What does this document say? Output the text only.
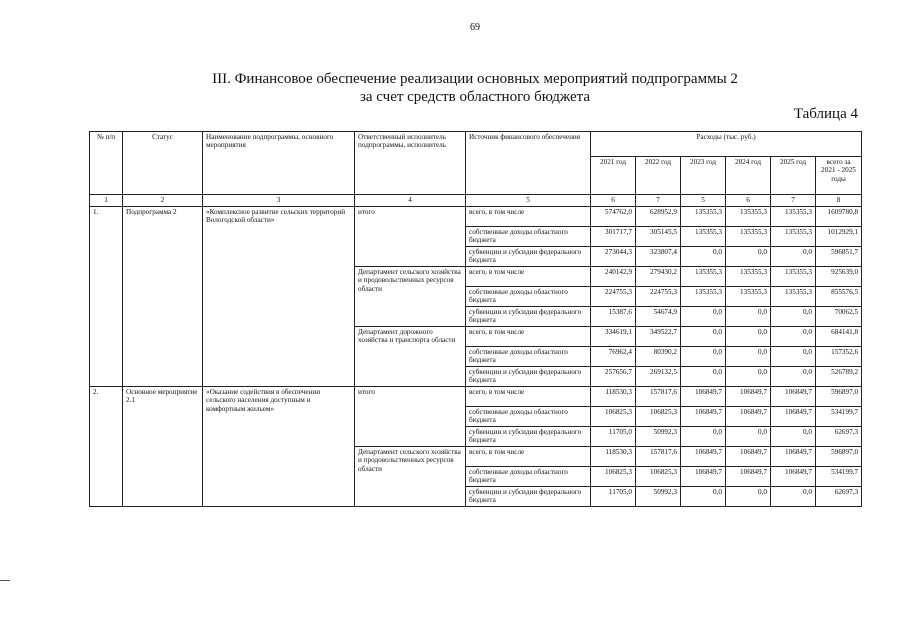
69
III. Финансовое обеспечение реализации основных мероприятий подпрограммы 2
за счет средств областного бюджета
Таблица 4
№ п/п	Статус	Наименование подпрограммы, основного мероприятия	Ответственный исполнитель подпрограммы, исполнитель	Источник финансового обеспечения	Расходы (тыс. руб.)					
					2021 год	2022 год	2023 год	2024 год	2025 год	всего за 2021 - 2025 годы
1	2	3	4	5	6	7	5	6	7	8
1.	Подпрограмма 2	«Комплексное развитие сельских территорий Вологодской области»	итого	всего, в том числе	574762,0	628952,9	135355,3	135355,3	135355,3	1609780,8
				собственные доходы областного бюджета	301717,7	305145,5	135355,3	135355,3	135355,3	1012929,1
				субвенции и субсидии федерального бюджета	273044,3	323807,4	0,0	0,0	0,0	596851,7
			Департамент сельского хозяйства и продовольственных ресурсов области	всего, в том числе	240142,9	279430,2	135355,3	135355,3	135355,3	925639,0
				собственные доходы областного бюджета	224755,3	224755,3	135355,3	135355,3	135355,3	855576,5
				субвенции и субсидии федерального бюджета	15387,6	54674,9	0,0	0,0	0,0	70062,5
			Департамент дорожного хозяйства и транспорта области	всего, в том числе	334619,1	349522,7	0,0	0,0	0,0	684141,8
				собственные доходы областного бюджета	76962,4	80390,2	0,0	0,0	0,0	157352,6
				субвенции и субсидии федерального бюджета	257656,7	269132,5	0,0	0,0	0,0	526789,2
2.	Основное мероприятие 2.1	«Оказание содействия в обеспечении сельского населения доступным и комфортным жильем»	итого	всего, в том числе	118530,3	157817,6	106849,7	106849,7	106849,7	596897,0
				собственные доходы областного бюджета	106825,3	106825,3	106849,7	106849,7	106849,7	534199,7
				субвенции и субсидии федерального бюджета	11705,0	50992,3	0,0	0,0	0,0	62697,3
			Департамент сельского хозяйства и продовольственных ресурсов области	всего, в том числе	118530,3	157817,6	106849,7	106849,7	106849,7	596897,0
				собственные доходы областного бюджета	106825,3	106825,3	106849,7	106849,7	106849,7	534199,7
				субвенции и субсидии федерального бюджета	11705,0	50992,3	0,0	0,0	0,0	62697,3
